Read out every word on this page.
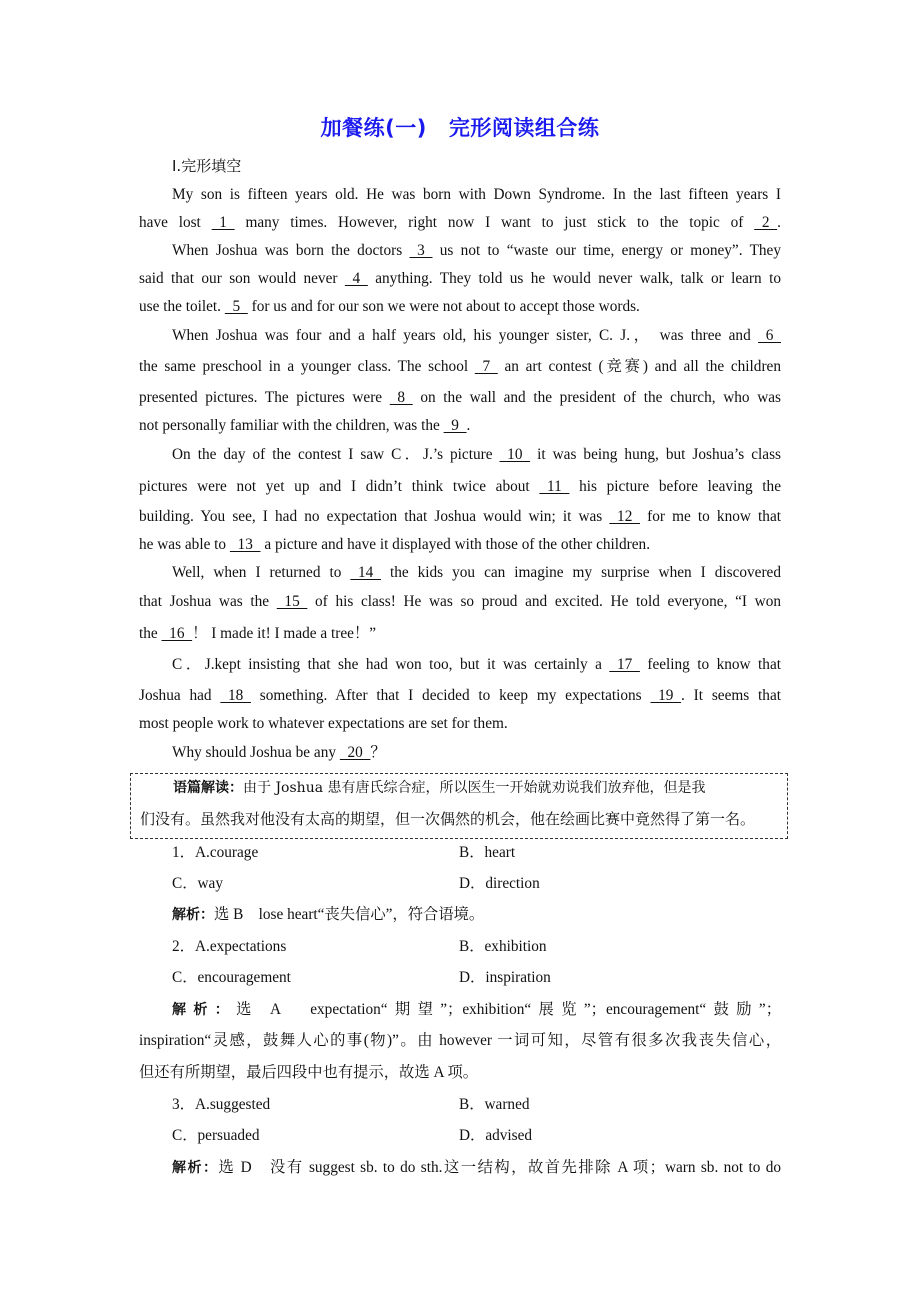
加餐练(一) 完形阅读组合练
Ⅰ.完形填空
My son is fifteen years old. He was born with Down Syndrome. In the last fifteen years I
have lost   1   many times. However, right now I want to just stick to the topic of   2  .
When Joshua was born the doctors   3   us not to “waste our time, energy or money”. They
said that our son would never   4   anything. They told us he would never walk, talk or learn to
use the toilet.   5   for us and for our son we were not about to accept those words.
When Joshua was four and a half years old, his younger sister, C. J.， was three and   6
the same preschool in a younger class. The school   7   an art contest (竞赛) and all the children
presented pictures. The pictures were   8   on the wall and the president of the church, who was
not personally familiar with the children, was the   9  .
On the day of the contest I saw C．J.’s picture   10   it was being hung, but Joshua’s class
pictures were not yet up and I didn’t think twice about   11   his picture before leaving the
building. You see, I had no expectation that Joshua would win; it was   12   for me to know that
he was able to   13   a picture and have it displayed with those of the other children.
Well, when I returned to   14   the kids you can imagine my surprise when I discovered
that Joshua was the   15   of his class! He was so proud and excited. He told everyone, “I won
the   16  ！ I made it! I made a tree！”
C．J.kept insisting that she had won too, but it was certainly a   17   feeling to know that
Joshua had   18   something. After that I decided to keep my expectations   19  . It seems that
most people work to whatever expectations are set for them.
Why should Joshua be any   20  ？
语篇解读：由于 Joshua 患有唐氏综合症，所以医生一开始就劝说我们放弃他，但是我
们没有。虽然我对他没有太高的期望，但一次偶然的机会，他在绘画比赛中竟然得了第一名。
1．A.courage	B．heart
C．way	D．direction
解析：选 B　lose heart“丧失信心”，符合语境。
2．A.expectations	B．exhibition
C．encouragement	D．inspiration
解析：选 A　expectation“期望”；exhibition“展览”；encouragement“鼓励”；
inspiration“灵感，鼓舞人心的事(物)”。由 however 一词可知，尽管有很多次我丧失信心，
但还有所期望，最后四段中也有提示，故选 A 项。
3．A.suggested	B．warned
C．persuaded	D．advised
解析：选 D　没有 suggest sb. to do sth.这一结构，故首先排除 A 项；warn sb. not to do
